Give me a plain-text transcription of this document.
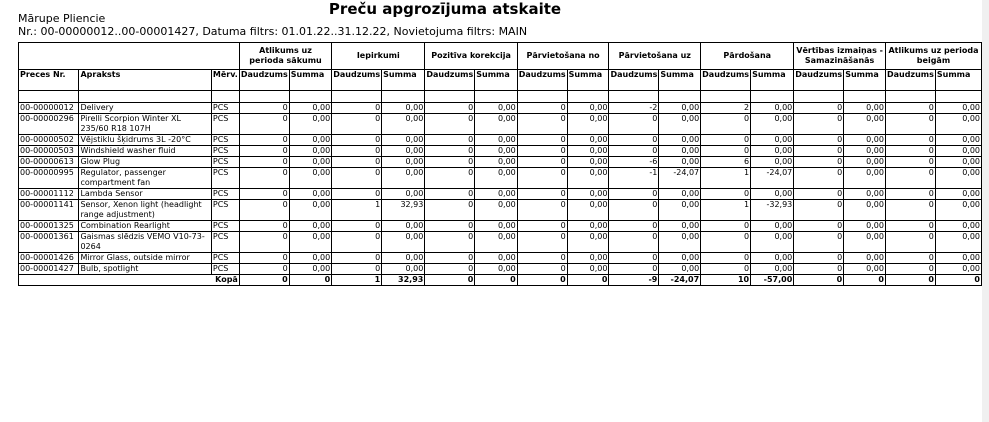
Preču apgrozījuma atskaite
Mārupe Pliencie
Nr.: 00-00000012..00-00001427, Datuma filtrs: 01.01.22..31.12.22, Novietojuma filtrs: MAIN
			Atlikums uz perioda sākumu		Iepirkumi		Pozitīva korekcija		Pārvietošana no		Pārvietošana uz		Pārdošana		Vērtības izmaiņas - Samazināšanās		Atlikums uz perioda beigām	
Preces Nr.	Apraksts	Mērv.	Daudzums	Summa	Daudzums	Summa	Daudzums	Summa	Daudzums	Summa	Daudzums	Summa	Daudzums	Summa	Daudzums	Summa	Daudzums	Summa

00-00000012	Delivery	PCS	0	0,00	0	0,00	0	0,00	0	0,00	-2	0,00	2	0,00	0	0,00	0	0,00
00-00000296	Pirelli Scorpion Winter XL 235/60 R18 107H	PCS	0	0,00	0	0,00	0	0,00	0	0,00	0	0,00	0	0,00	0	0,00	0	0,00
00-00000502	Vējstiklu šķidrums 3L -20°C	PCS	0	0,00	0	0,00	0	0,00	0	0,00	0	0,00	0	0,00	0	0,00	0	0,00
00-00000503	Windshield washer fluid	PCS	0	0,00	0	0,00	0	0,00	0	0,00	0	0,00	0	0,00	0	0,00	0	0,00
00-00000613	Glow Plug	PCS	0	0,00	0	0,00	0	0,00	0	0,00	-6	0,00	6	0,00	0	0,00	0	0,00
00-00000995	Regulator, passenger compartment fan	PCS	0	0,00	0	0,00	0	0,00	0	0,00	-1	-24,07	1	-24,07	0	0,00	0	0,00
00-00001112	Lambda Sensor	PCS	0	0,00	0	0,00	0	0,00	0	0,00	0	0,00	0	0,00	0	0,00	0	0,00
00-00001141	Sensor, Xenon light (headlight range adjustment)	PCS	0	0,00	1	32,93	0	0,00	0	0,00	0	0,00	1	-32,93	0	0,00	0	0,00
00-00001325	Combination Rearlight	PCS	0	0,00	0	0,00	0	0,00	0	0,00	0	0,00	0	0,00	0	0,00	0	0,00
00-00001361	Gaismas slēdzis VEMO V10-73-0264	PCS	0	0,00	0	0,00	0	0,00	0	0,00	0	0,00	0	0,00	0	0,00	0	0,00
00-00001426	Mirror Glass, outside mirror	PCS	0	0,00	0	0,00	0	0,00	0	0,00	0	0,00	0	0,00	0	0,00	0	0,00
00-00001427	Bulb, spotlight	PCS	0	0,00	0	0,00	0	0,00	0	0,00	0	0,00	0	0,00	0	0,00	0	0,00
Kopā			0	0	1	32,93	0	0	0	0	-9	-24,07	10	-57,00	0	0	0	0
